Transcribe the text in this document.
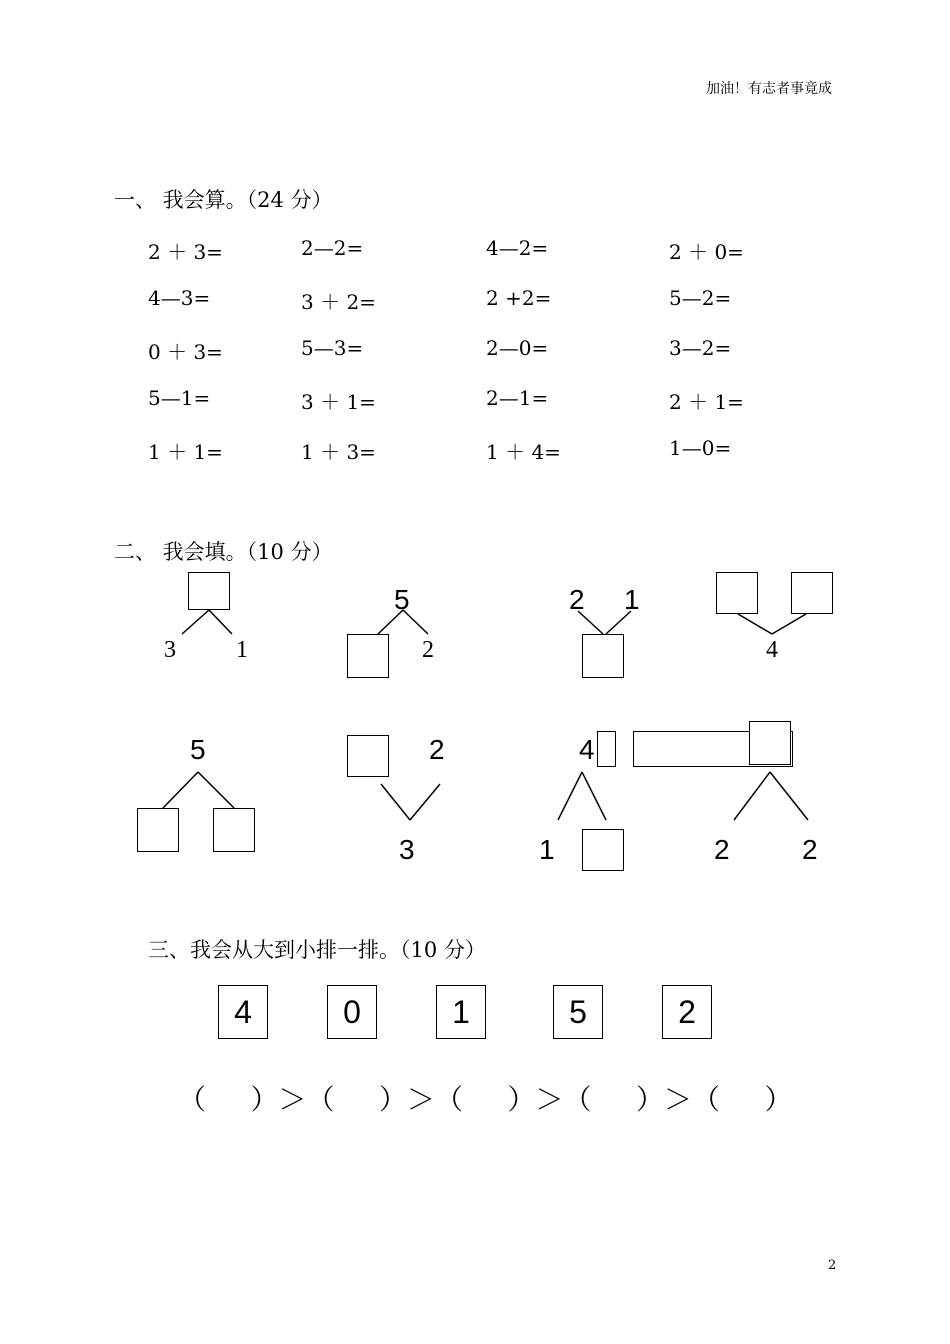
加油！有志者事竟成
一、 我会算。（24 分）
2 ＋ 3=	2—2=	4—2=	2 ＋ 0=
4—3=	3 ＋ 2=	2 +2=	5—2=
0 ＋ 3=	5—3=	2—0=	3—2=
5—1=	3 ＋ 1=	2—1=	2 ＋ 1=
1 ＋ 1=	1 ＋ 3=	1 ＋ 4=	1—0=
二、 我会填。（10 分）
3	1
5
2
2 1
4
5	2
3
4
1	2	2
三、我会从大到小排一排。（10 分）
4	0	1	5	2
（     ）＞（     ）＞（     ）＞（     ）＞（     ）
2
